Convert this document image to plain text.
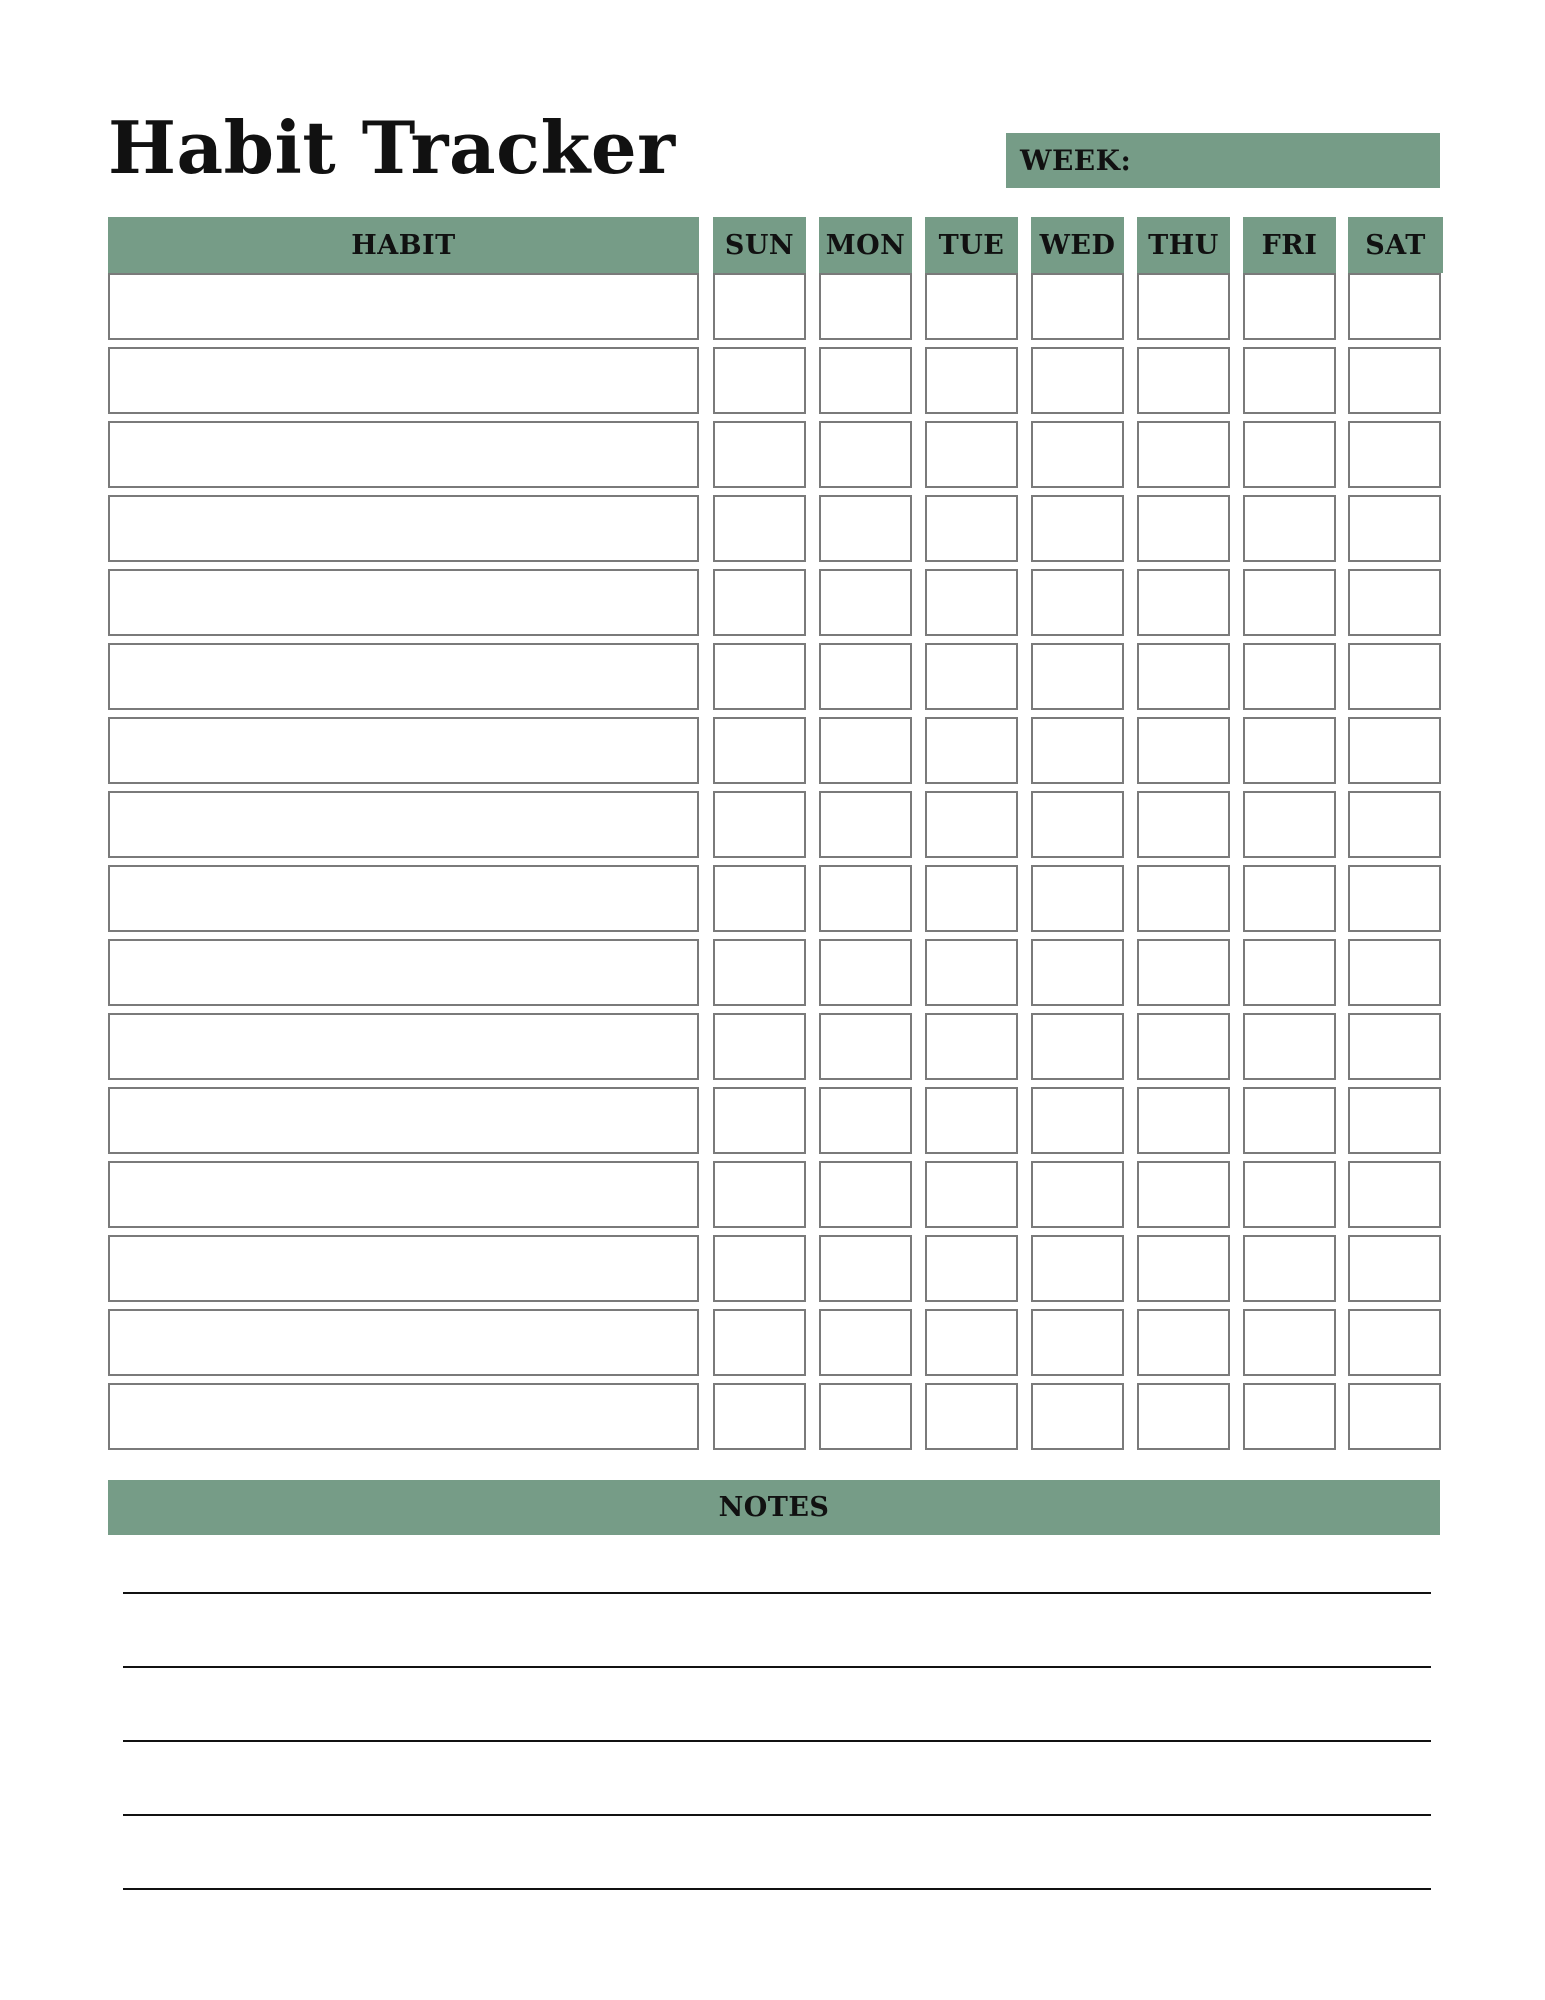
Habit Tracker	WEEK:
HABIT	SUN	MON	TUE	WED	THU	FRI	SAT
NOTES
